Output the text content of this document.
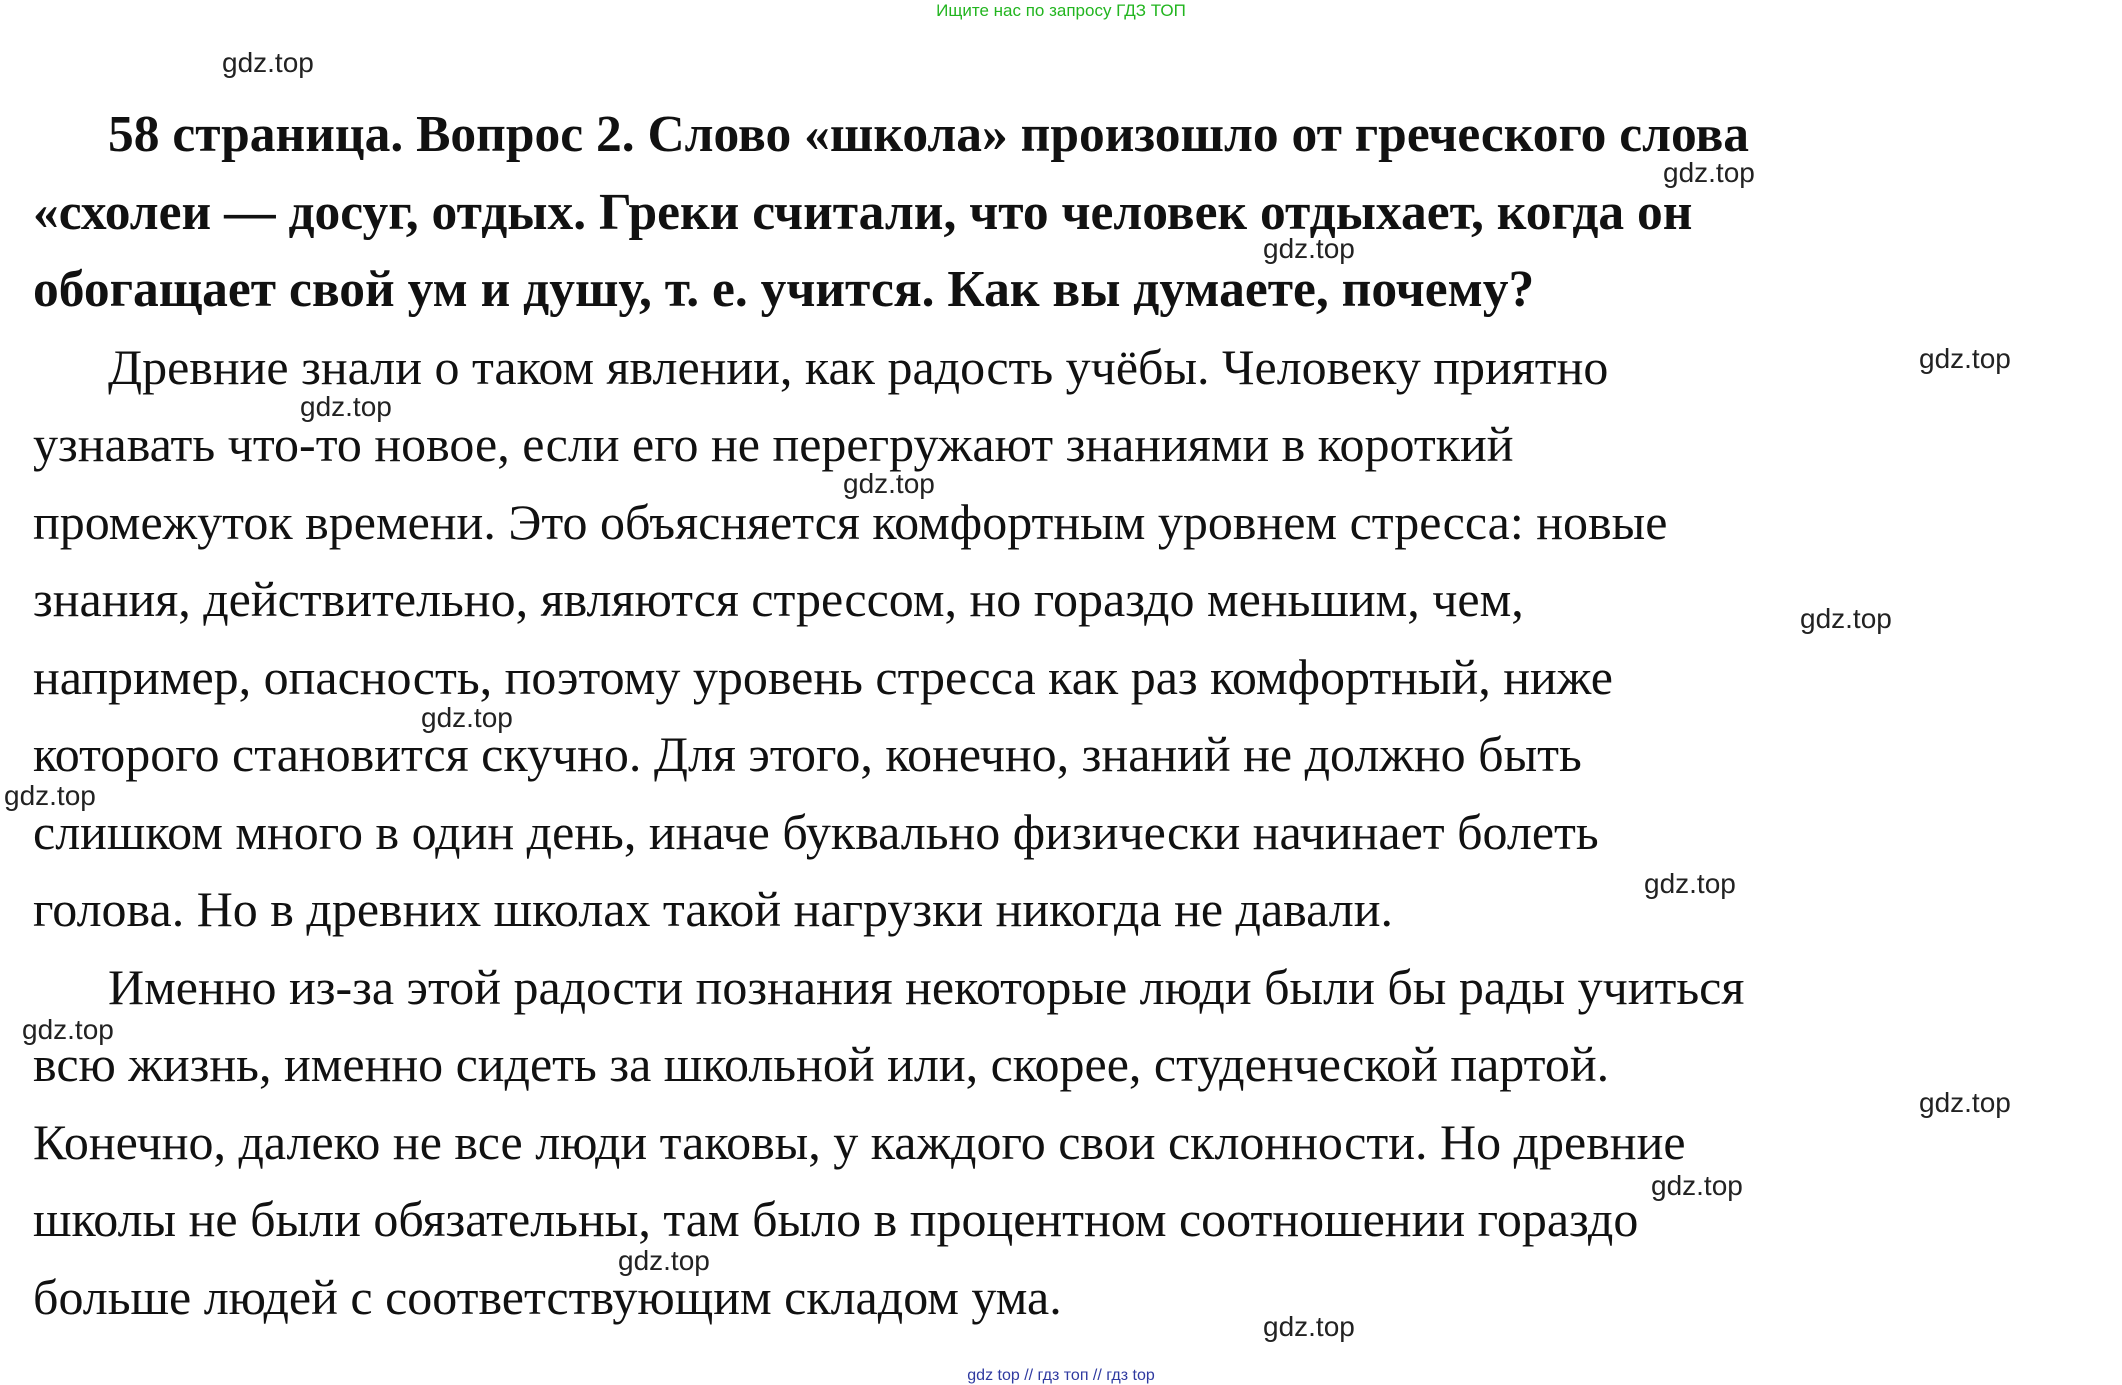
Ищите нас по запросу ГДЗ ТОП

58 страница. Вопрос 2. Слово «школа» произошло от греческого слова
«схолеи — досуг, отдых. Греки считали, что человек отдыхает, когда он
обогащает свой ум и душу, т. е. учится. Как вы думаете, почему?

Древние знали о таком явлении, как радость учёбы. Человеку приятно
узнавать что-то новое, если его не перегружают знаниями в короткий
промежуток времени. Это объясняется комфортным уровнем стресса: новые
знания, действительно, являются стрессом, но гораздо меньшим, чем,
например, опасность, поэтому уровень стресса как раз комфортный, ниже
которого становится скучно. Для этого, конечно, знаний не должно быть
слишком много в один день, иначе буквально физически начинает болеть
голова. Но в древних школах такой нагрузки никогда не давали.

Именно из-за этой радости познания некоторые люди были бы рады учиться
всю жизнь, именно сидеть за школьной или, скорее, студенческой партой.
Конечно, далеко не все люди таковы, у каждого свои склонности. Но древние
школы не были обязательны, там было в процентном соотношении гораздо
больше людей с соответствующим складом ума.

gdz.top
gdz.top
gdz.top
gdz.top
gdz.top
gdz.top
gdz.top
gdz.top
gdz.top
gdz.top
gdz.top
gdz.top
gdz.top
gdz.top
gdz.top
gdz top // гдз топ // гдз top
